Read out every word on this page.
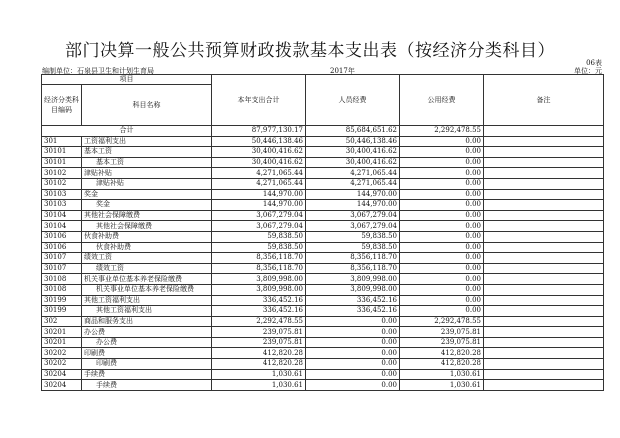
部门决算一般公共预算财政拨款基本支出表（按经济分类科目）
06表
编制单位：石泉县卫生和计划生育局	2017年	单位：元
项目		本年支出合计	人员经费	公用经费	备注
经济分类科目编码	科目名称				
合计		87,977,130.17	85,684,651.62	2,292,478.55	
301	工资福利支出	50,446,138.46	50,446,138.46	0.00	
30101	基本工资	30,400,416.62	30,400,416.62	0.00	
30101	基本工资	30,400,416.62	30,400,416.62	0.00	
30102	津贴补贴	4,271,065.44	4,271,065.44	0.00	
30102	津贴补贴	4,271,065.44	4,271,065.44	0.00	
30103	奖金	144,970.00	144,970.00	0.00	
30103	奖金	144,970.00	144,970.00	0.00	
30104	其他社会保障缴费	3,067,279.04	3,067,279.04	0.00	
30104	其他社会保障缴费	3,067,279.04	3,067,279.04	0.00	
30106	伙食补助费	59,838.50	59,838.50	0.00	
30106	伙食补助费	59,838.50	59,838.50	0.00	
30107	绩效工资	8,356,118.70	8,356,118.70	0.00	
30107	绩效工资	8,356,118.70	8,356,118.70	0.00	
30108	机关事业单位基本养老保险缴费	3,809,998.00	3,809,998.00	0.00	
30108	机关事业单位基本养老保险缴费	3,809,998.00	3,809,998.00	0.00	
30199	其他工资福利支出	336,452.16	336,452.16	0.00	
30199	其他工资福利支出	336,452.16	336,452.16	0.00	
302	商品和服务支出	2,292,478.55	0.00	2,292,478.55	
30201	办公费	239,075.81	0.00	239,075.81	
30201	办公费	239,075.81	0.00	239,075.81	
30202	印刷费	412,820.28	0.00	412,820.28	
30202	印刷费	412,820.28	0.00	412,820.28	
30204	手续费	1,030.61	0.00	1,030.61	
30204	手续费	1,030.61	0.00	1,030.61	
